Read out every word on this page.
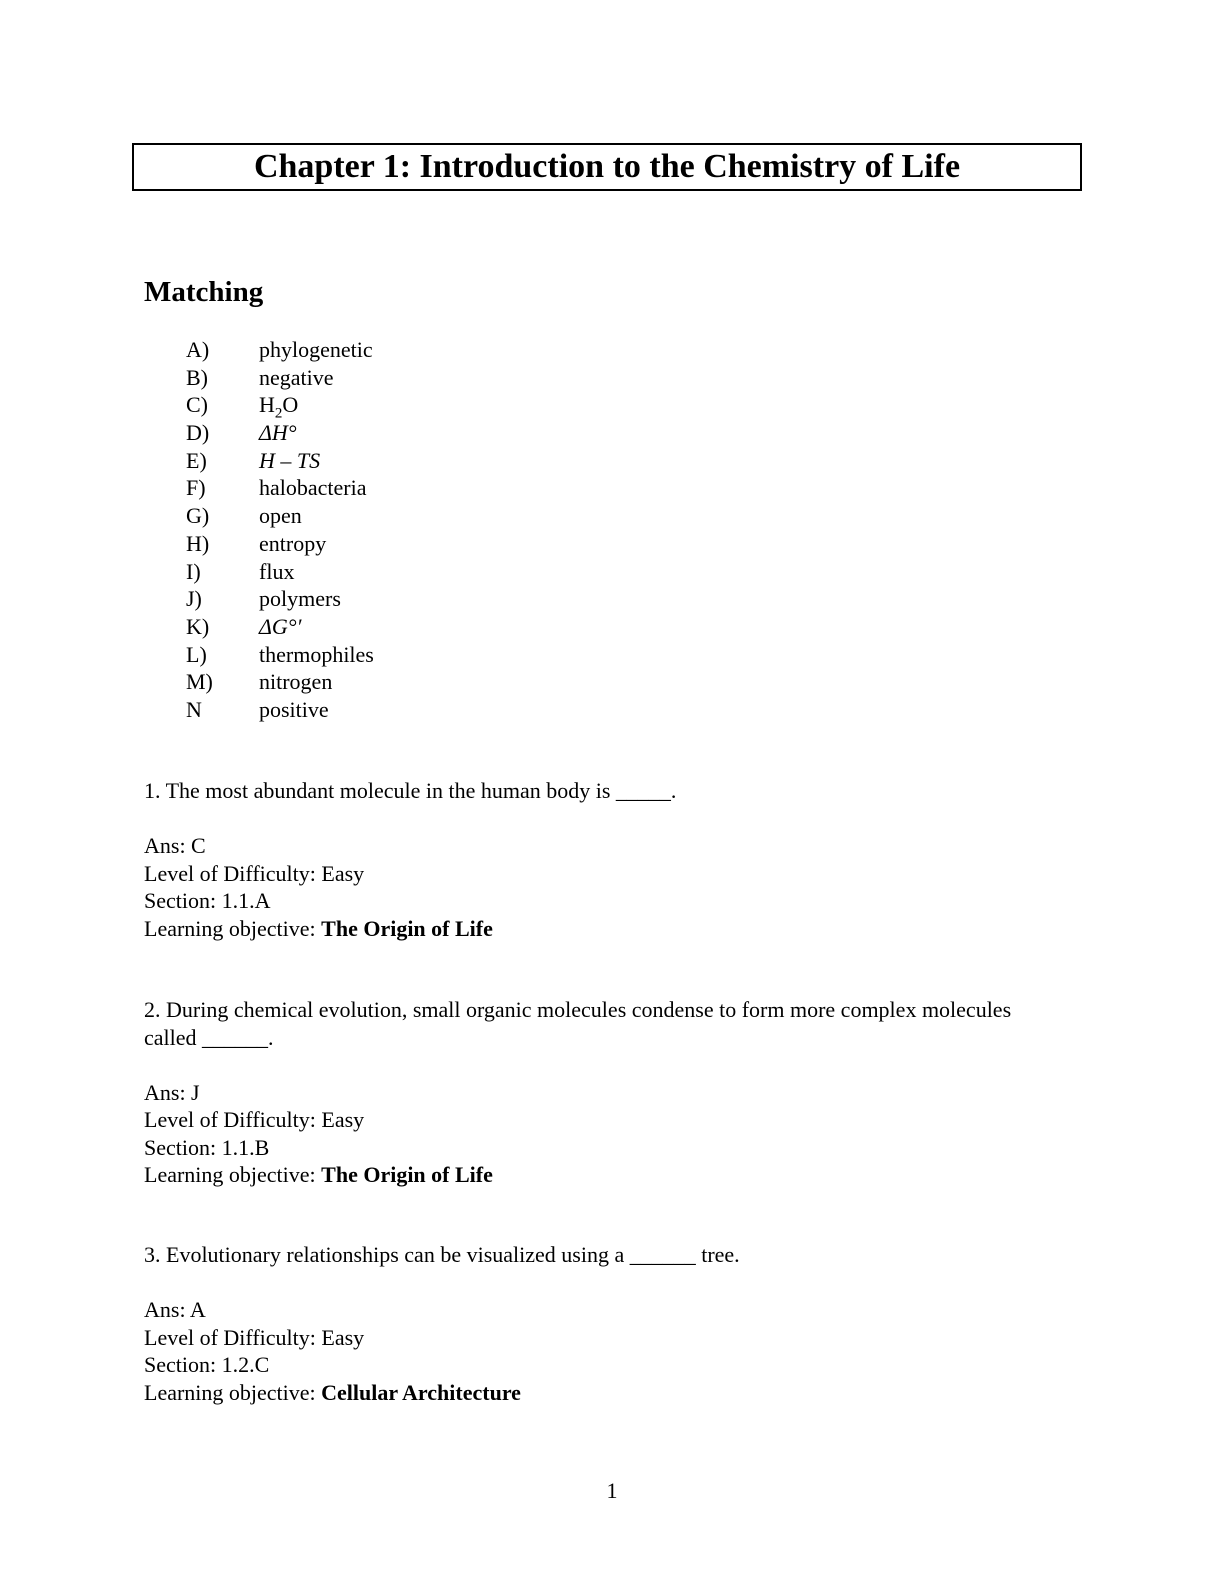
Chapter 1: Introduction to the Chemistry of Life
Matching
A)	phylogenetic
B)	negative
C)	$H_2O$
D)	ΔH°
E)	H – TS
F)	halobacteria
G)	open
H)	entropy
I)	flux
J)	polymers
K)	ΔG°′
L)	thermophiles
M)	nitrogen
N	positive

1. The most abundant molecule in the human body is _____.

Ans: C
Level of Difficulty: Easy
Section: 1.1.A
Learning objective: The Origin of Life

2. During chemical evolution, small organic molecules condense to form more complex molecules called ______.

Ans: J
Level of Difficulty: Easy
Section: 1.1.B
Learning objective: The Origin of Life

3. Evolutionary relationships can be visualized using a ______ tree.

Ans: A
Level of Difficulty: Easy
Section: 1.2.C
Learning objective: Cellular Architecture
1
